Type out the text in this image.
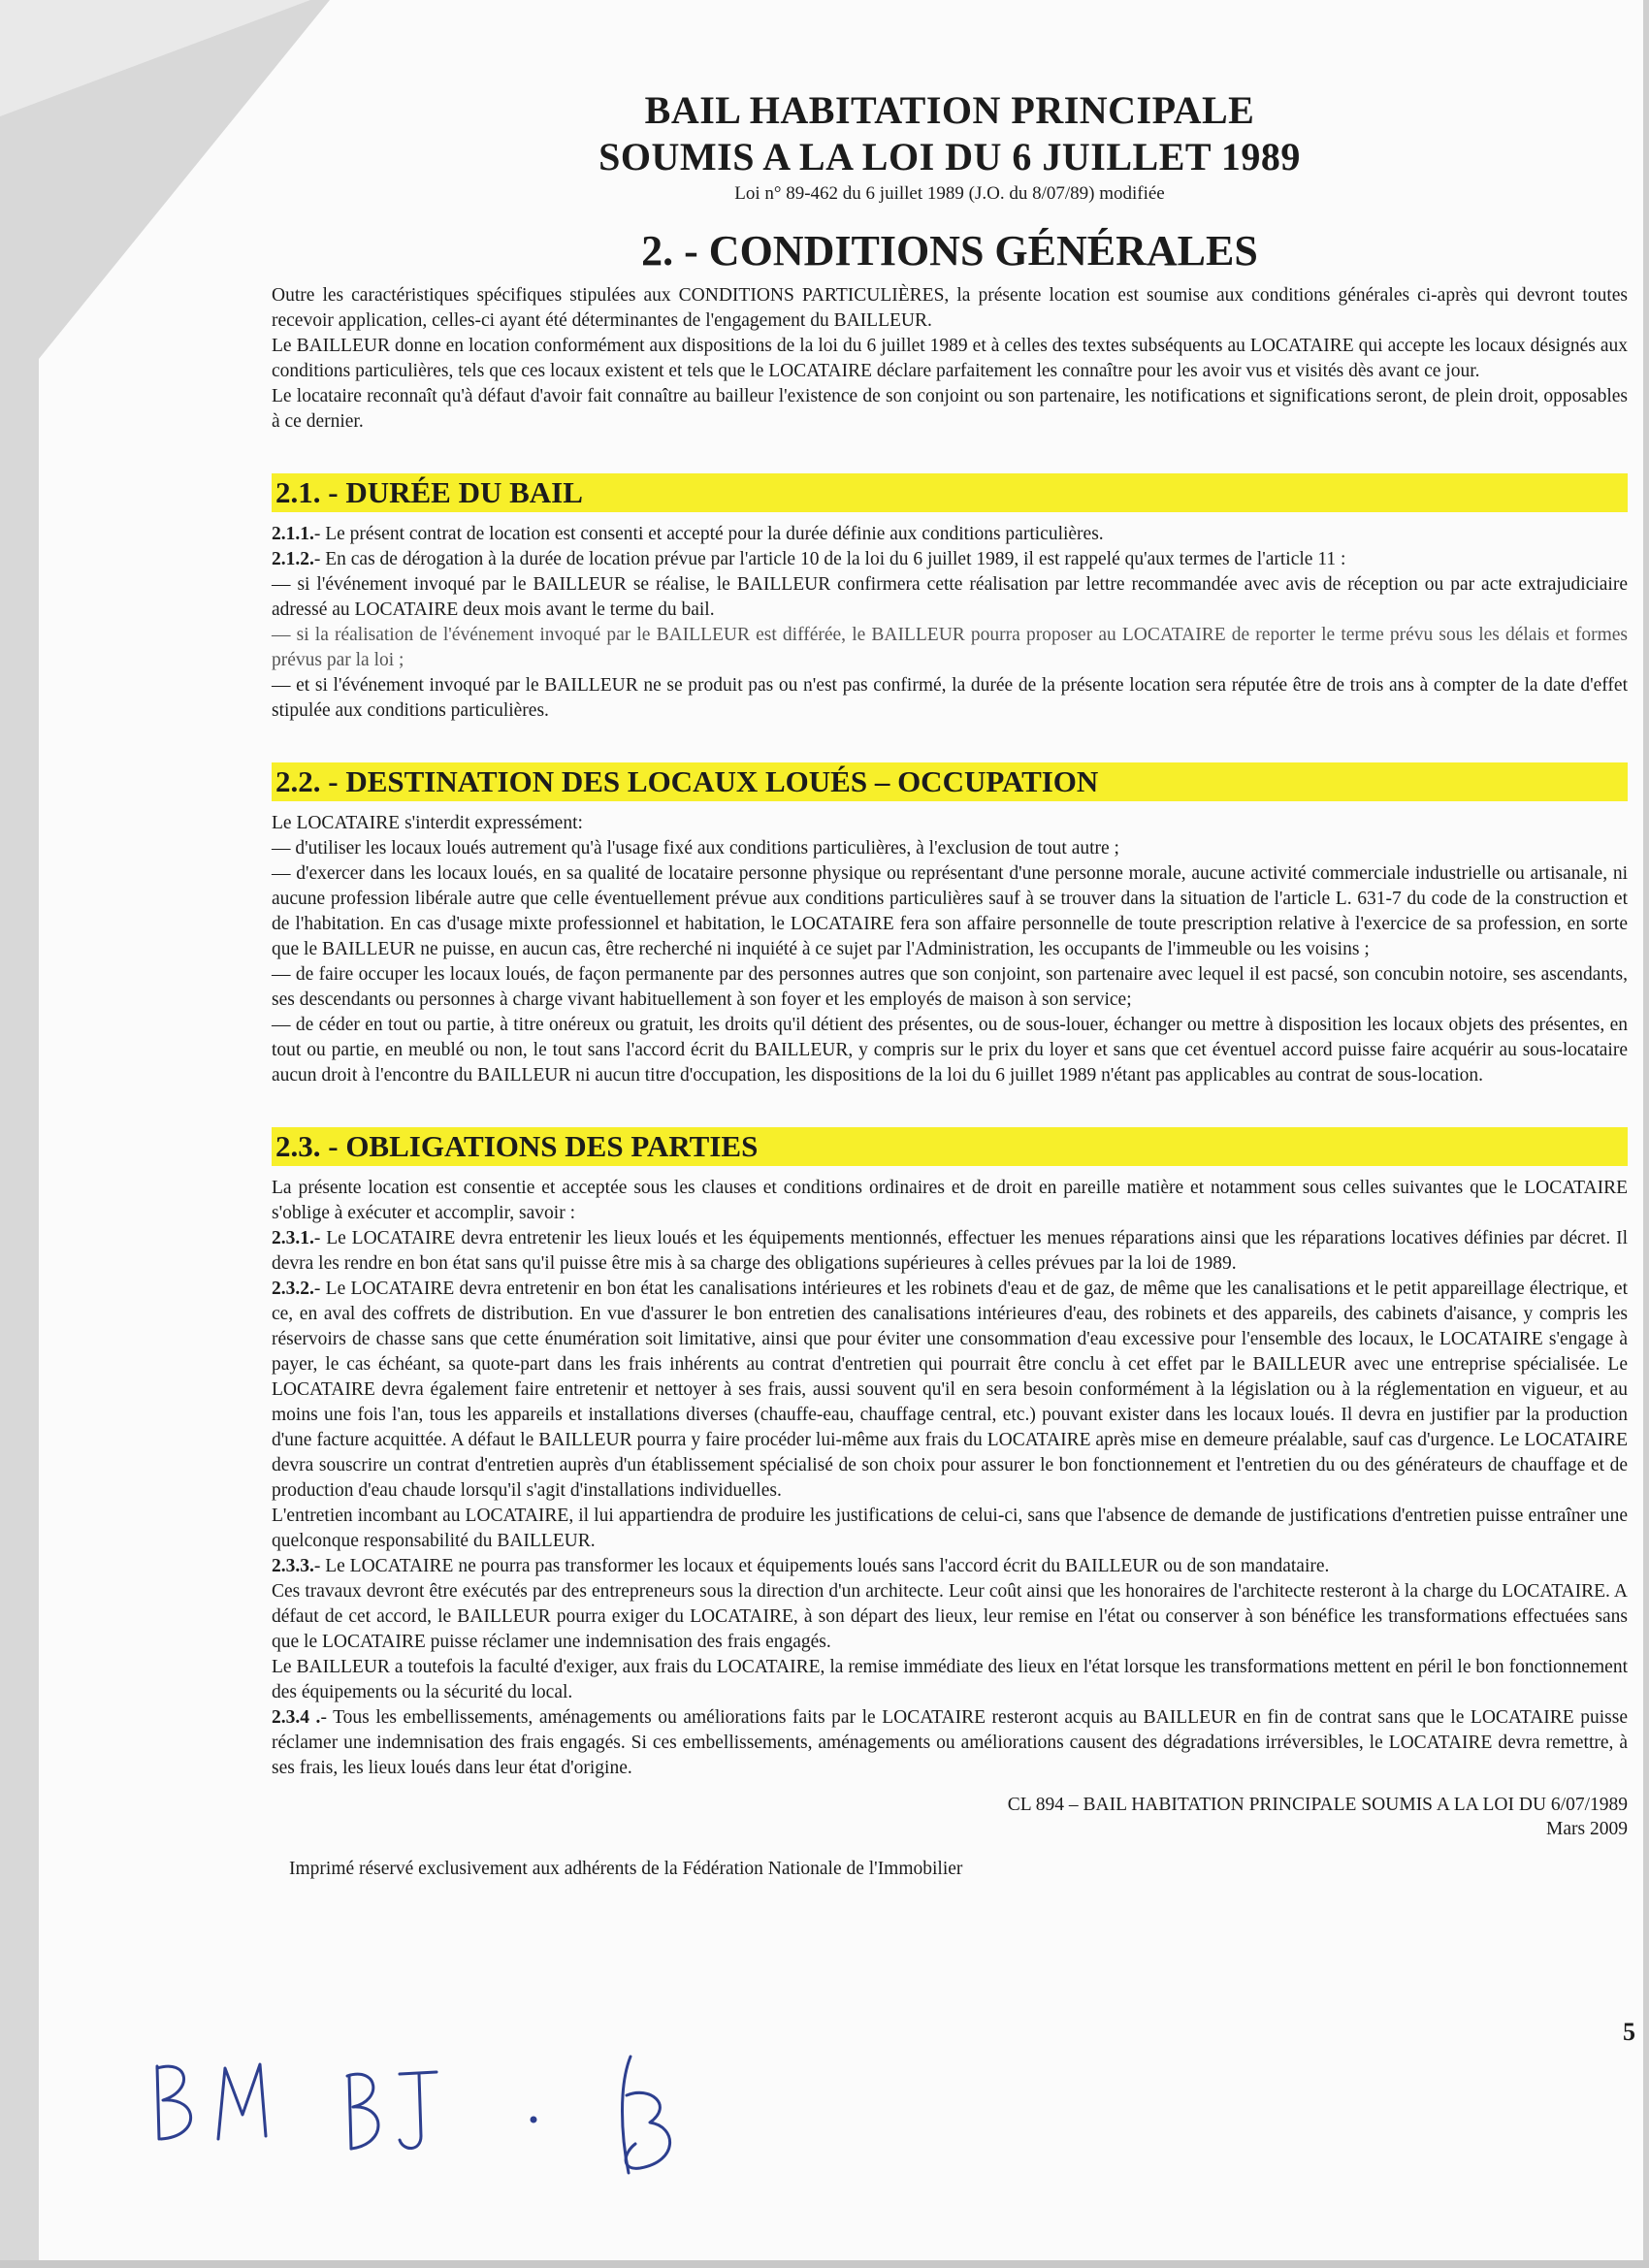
BAIL HABITATION PRINCIPALE
SOUMIS A LA LOI DU 6 JUILLET 1989
Loi n° 89-462 du 6 juillet 1989 (J.O. du 8/07/89) modifiée
2. - CONDITIONS GÉNÉRALES

Outre les caractéristiques spécifiques stipulées aux CONDITIONS PARTICULIÈRES, la présente location est soumise aux conditions générales ci-après qui devront toutes recevoir application, celles-ci ayant été déterminantes de l'engagement du BAILLEUR.

Le BAILLEUR donne en location conformément aux dispositions de la loi du 6 juillet 1989 et à celles des textes subséquents au LOCATAIRE qui accepte les locaux désignés aux conditions particulières, tels que ces locaux existent et tels que le LOCATAIRE déclare parfaitement les connaître pour les avoir vus et visités dès avant ce jour.

Le locataire reconnaît qu'à défaut d'avoir fait connaître au bailleur l'existence de son conjoint ou son partenaire, les notifications et significations seront, de plein droit, opposables à ce dernier.

2.1. - DURÉE DU BAIL

2.1.1.- Le présent contrat de location est consenti et accepté pour la durée définie aux conditions particulières.

2.1.2.- En cas de dérogation à la durée de location prévue par l'article 10 de la loi du 6 juillet 1989, il est rappelé qu'aux termes de l'article 11 :

— si l'événement invoqué par le BAILLEUR se réalise, le BAILLEUR confirmera cette réalisation par lettre recommandée avec avis de réception ou par acte extrajudiciaire adressé au LOCATAIRE deux mois avant le terme du bail.

— si la réalisation de l'événement invoqué par le BAILLEUR est différée, le BAILLEUR pourra proposer au LOCATAIRE de reporter le terme prévu sous les délais et formes prévus par la loi ;

— et si l'événement invoqué par le BAILLEUR ne se produit pas ou n'est pas confirmé, la durée de la présente location sera réputée être de trois ans à compter de la date d'effet stipulée aux conditions particulières.

2.2. - DESTINATION DES LOCAUX LOUÉS – OCCUPATION

Le LOCATAIRE s'interdit expressément:

— d'utiliser les locaux loués autrement qu'à l'usage fixé aux conditions particulières, à l'exclusion de tout autre ;

— d'exercer dans les locaux loués, en sa qualité de locataire personne physique ou représentant d'une personne morale, aucune activité commerciale industrielle ou artisanale, ni aucune profession libérale autre que celle éventuellement prévue aux conditions particulières sauf à se trouver dans la situation de l'article L. 631-7 du code de la construction et de l'habitation. En cas d'usage mixte professionnel et habitation, le LOCATAIRE fera son affaire personnelle de toute prescription relative à l'exercice de sa profession, en sorte que le BAILLEUR ne puisse, en aucun cas, être recherché ni inquiété à ce sujet par l'Administration, les occupants de l'immeuble ou les voisins ;

— de faire occuper les locaux loués, de façon permanente par des personnes autres que son conjoint, son partenaire avec lequel il est pacsé, son concubin notoire, ses ascendants, ses descendants ou personnes à charge vivant habituellement à son foyer et les employés de maison à son service;

— de céder en tout ou partie, à titre onéreux ou gratuit, les droits qu'il détient des présentes, ou de sous-louer, échanger ou mettre à disposition les locaux objets des présentes, en tout ou partie, en meublé ou non, le tout sans l'accord écrit du BAILLEUR, y compris sur le prix du loyer et sans que cet éventuel accord puisse faire acquérir au sous-locataire aucun droit à l'encontre du BAILLEUR ni aucun titre d'occupation, les dispositions de la loi du 6 juillet 1989 n'étant pas applicables au contrat de sous-location.

2.3. - OBLIGATIONS DES PARTIES

La présente location est consentie et acceptée sous les clauses et conditions ordinaires et de droit en pareille matière et notamment sous celles suivantes que le LOCATAIRE s'oblige à exécuter et accomplir, savoir :

2.3.1.- Le LOCATAIRE devra entretenir les lieux loués et les équipements mentionnés, effectuer les menues réparations ainsi que les réparations locatives définies par décret. Il devra les rendre en bon état sans qu'il puisse être mis à sa charge des obligations supérieures à celles prévues par la loi de 1989.

2.3.2.- Le LOCATAIRE devra entretenir en bon état les canalisations intérieures et les robinets d'eau et de gaz, de même que les canalisations et le petit appareillage électrique, et ce, en aval des coffrets de distribution. En vue d'assurer le bon entretien des canalisations intérieures d'eau, des robinets et des appareils, des cabinets d'aisance, y compris les réservoirs de chasse sans que cette énumération soit limitative, ainsi que pour éviter une consommation d'eau excessive pour l'ensemble des locaux, le LOCATAIRE s'engage à payer, le cas échéant, sa quote-part dans les frais inhérents au contrat d'entretien qui pourrait être conclu à cet effet par le BAILLEUR avec une entreprise spécialisée. Le LOCATAIRE devra également faire entretenir et nettoyer à ses frais, aussi souvent qu'il en sera besoin conformément à la législation ou à la réglementation en vigueur, et au moins une fois l'an, tous les appareils et installations diverses (chauffe-eau, chauffage central, etc.) pouvant exister dans les locaux loués. Il devra en justifier par la production d'une facture acquittée. A défaut le BAILLEUR pourra y faire procéder lui-même aux frais du LOCATAIRE après mise en demeure préalable, sauf cas d'urgence. Le LOCATAIRE devra souscrire un contrat d'entretien auprès d'un établissement spécialisé de son choix pour assurer le bon fonctionnement et l'entretien du ou des générateurs de chauffage et de production d'eau chaude lorsqu'il s'agit d'installations individuelles.

L'entretien incombant au LOCATAIRE, il lui appartiendra de produire les justifications de celui-ci, sans que l'absence de demande de justifications d'entretien puisse entraîner une quelconque responsabilité du BAILLEUR.

2.3.3.- Le LOCATAIRE ne pourra pas transformer les locaux et équipements loués sans l'accord écrit du BAILLEUR ou de son mandataire.

Ces travaux devront être exécutés par des entrepreneurs sous la direction d'un architecte. Leur coût ainsi que les honoraires de l'architecte resteront à la charge du LOCATAIRE. A défaut de cet accord, le BAILLEUR pourra exiger du LOCATAIRE, à son départ des lieux, leur remise en l'état ou conserver à son bénéfice les transformations effectuées sans que le LOCATAIRE puisse réclamer une indemnisation des frais engagés.

Le BAILLEUR a toutefois la faculté d'exiger, aux frais du LOCATAIRE, la remise immédiate des lieux en l'état lorsque les transformations mettent en péril le bon fonctionnement des équipements ou la sécurité du local.

2.3.4 .- Tous les embellissements, aménagements ou améliorations faits par le LOCATAIRE resteront acquis au BAILLEUR en fin de contrat sans que le LOCATAIRE puisse réclamer une indemnisation des frais engagés. Si ces embellissements, aménagements ou améliorations causent des dégradations irréversibles, le LOCATAIRE devra remettre, à ses frais, les lieux loués dans leur état d'origine.

CL 894 – BAIL HABITATION PRINCIPALE SOUMIS A LA LOI DU 6/07/1989
Mars 2009
Imprimé réservé exclusivement aux adhérents de la Fédération Nationale de l'Immobilier
5
